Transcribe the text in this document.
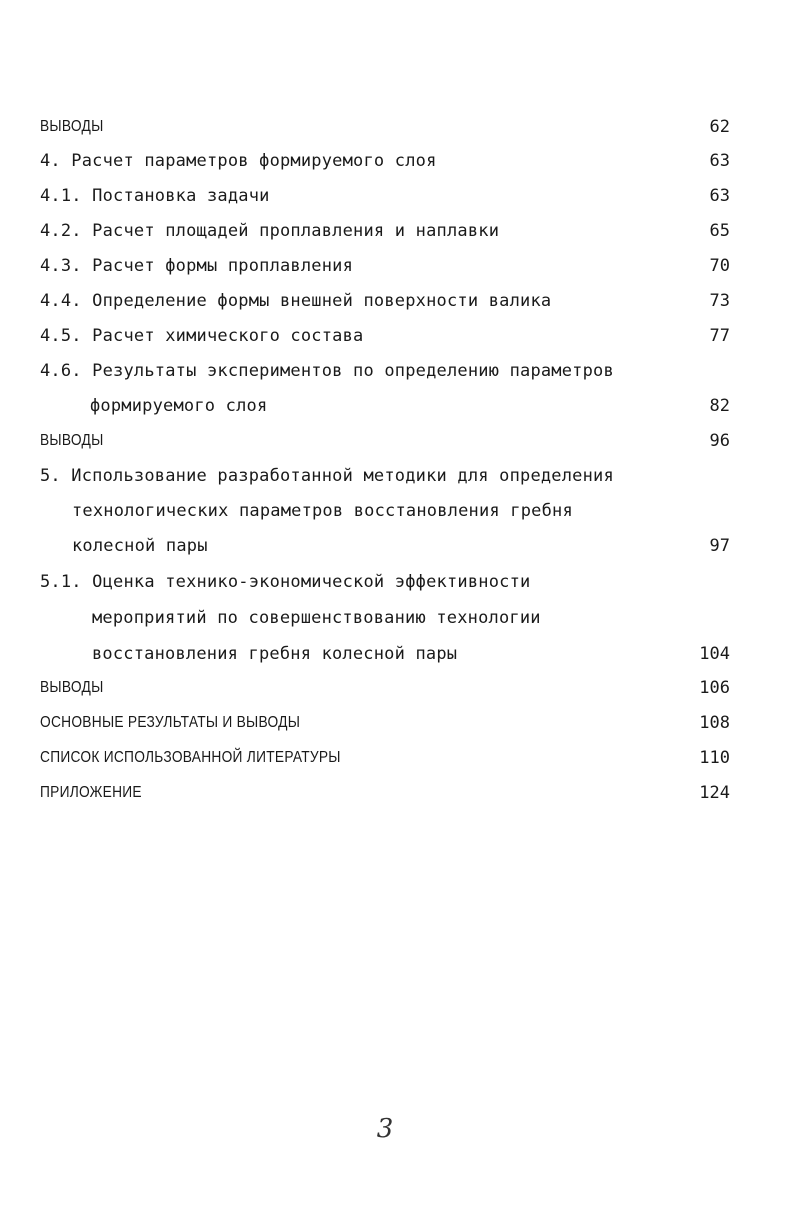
ВЫВОДЫ	62
4. Расчет параметров формируемого слоя	63
4.1. Постановка задачи	63
4.2. Расчет площадей проплавления и наплавки	65
4.3. Расчет формы проплавления	70
4.4. Определение формы внешней поверхности валика	73
4.5. Расчет химического состава	77
4.6. Результаты экспериментов по определению параметров
формируемого слоя	82
ВЫВОДЫ	96
5. Использование разработанной методики для определения
технологических параметров восстановления гребня
колесной пары	97
5.1. Оценка технико-экономической эффективности
мероприятий по совершенствованию технологии
восстановления гребня колесной пары	104
ВЫВОДЫ	106
ОСНОВНЫЕ РЕЗУЛЬТАТЫ И ВЫВОДЫ	108
СПИСОК ИСПОЛЬЗОВАННОЙ ЛИТЕРАТУРЫ	110
ПРИЛОЖЕНИЕ	124
3
